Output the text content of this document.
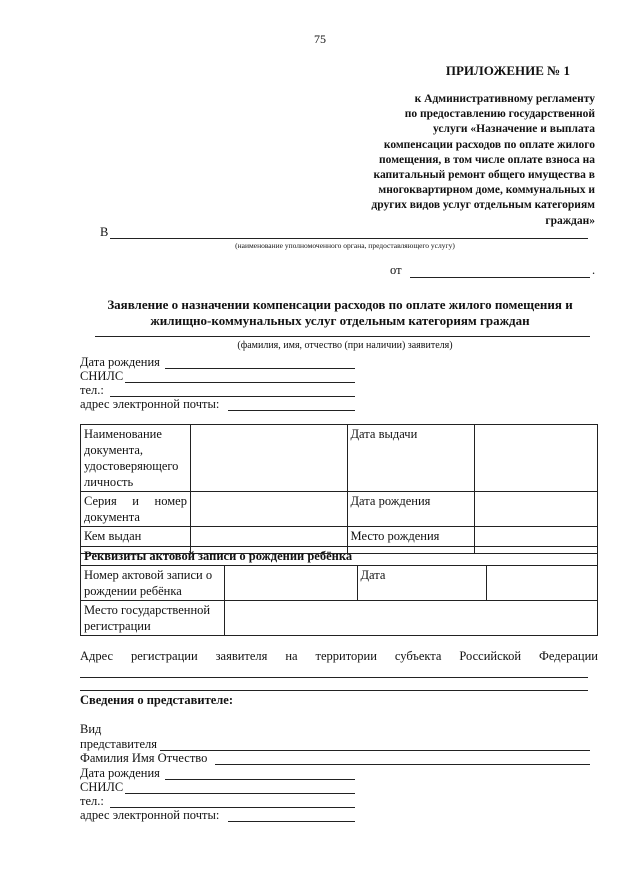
75
ПРИЛОЖЕНИЕ № 1
к Административному регламенту
по предоставлению государственной
услуги «Назначение и выплата
компенсации расходов по оплате жилого
помещения, в том числе оплате взноса на
капитальный ремонт общего имущества в
многоквартирном доме, коммунальных и
других видов услуг отдельным категориям
граждан»
В
(наименование уполномоченного органа, предоставляющего услугу)
от	.
Заявление о назначении компенсации расходов по оплате жилого помещения и
жилищно-коммунальных услуг отдельным категориям граждан
(фамилия, имя, отчество (при наличии) заявителя)
Дата рождения
СНИЛС
тел.:
адрес электронной почты:
Наименование документа, удостоверяющего личность		Дата выдачи	

Серия и номер документа		Дата рождения	
Кем выдан		Место рождения	
Реквизиты актовой записи о рождении ребёнка			
Номер актовой записи о рождении ребёнка		Дата	
Место государственной регистрации			
Адрес регистрации заявителя на территории субъекта Российской Федерации
Сведения о представителе:
Вид
представителя
Фамилия Имя Отчество
Дата рождения
СНИЛС
тел.:
адрес электронной почты:
